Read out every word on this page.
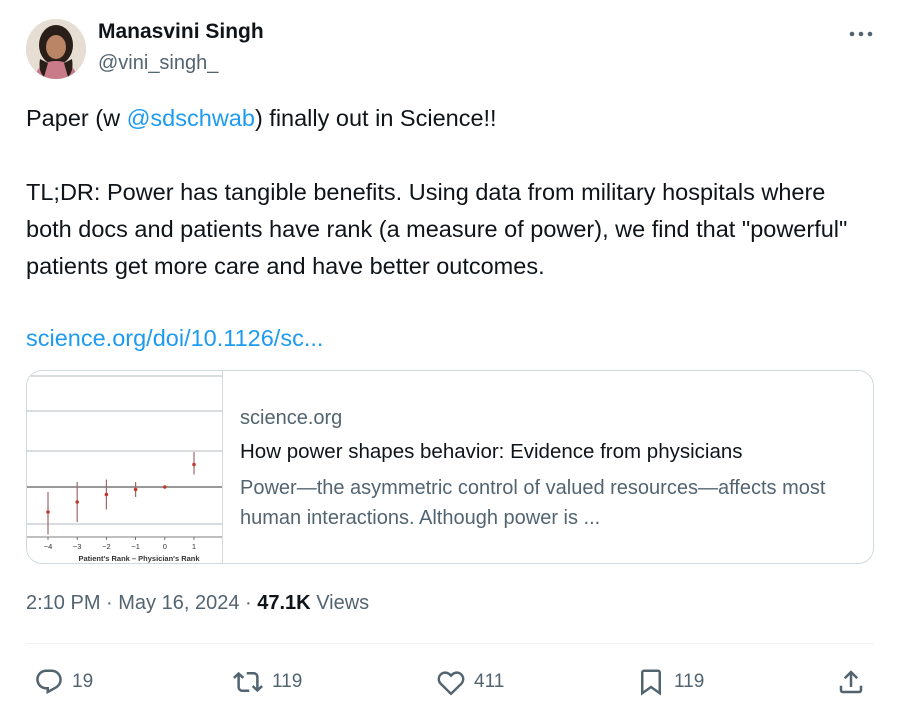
Manasvini Singh
@vini_singh_

Paper (w @sdschwab) finally out in Science!!

TL;DR: Power has tangible benefits. Using data from military hospitals where both docs and patients have rank (a measure of power), we find that "powerful" patients get more care and have better outcomes.

science.org/doi/10.1126/sc...

−4	−3	−2	−1	0	1
Patient's Rank – Physician's Rank
science.org
How power shapes behavior: Evidence from physicians
Power—the asymmetric control of valued resources—affects most human interactions. Although power is ...
2:10 PM · May 16, 2024 · 47.1K Views
19	119	411	119
